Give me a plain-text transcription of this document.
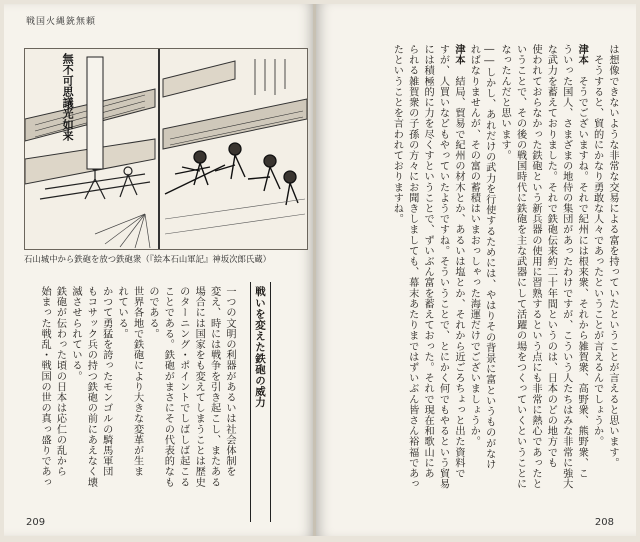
戦国火縄銃無頼
無不可思議光如来
石山城中から鉄砲を放つ鉄砲衆（『絵本石山軍記』神坂次郎氏蔵）
戦いを変えた鉄砲の威力
一つの文明の利器があるいは社会体制を
変え、時には戦争を引き起こし、またある
場合には国家をも変えてしまうことは歴史
のターニング・ポイントでしばしば起こる
ことである。鉄砲がまさにその代表的なも
のである。
世界各地で鉄砲により大きな変革が生ま
れている。
かつて勇猛を誇ったモンゴルの騎馬軍団
もコサック兵の持つ鉄砲の前にあえなく壊
滅させられている。
鉄砲が伝わった頃の日本は応仁の乱から
始まった戦乱・戦国の世の真っ盛りであっ
209
は想像できないような非常な交易による富を持っていたということが言えると思います。
　そうすると、貿的にかなり勇敢な人々であったということが言えるんでしょうか。
津本　そうでございますね。それで紀州には根来衆、それから雑賀衆、高野衆、熊野衆、こ
ういった国人、さまざまの地侍の集団があったわけですが、こういう人たちはみな非常に強大
な武力を蓄えておりました。それで鉄砲伝来約二十年間というのは、日本のどの地方でも
使われておらなかった鉄砲という新兵器の使用に習熟するという点にも非常に熱心であったと
いうことで、その後の戦国時代に鉄砲を主な武器にして活躍の場をつくっていくということに
なったんだと思います。
――しかし、あれだけの武力を行使するためには、やはりその背景に富というものがなけ
ればなりませんが、その富の蓄積はいまおっしゃった海運だけでございましょうか。
津本　結局、貿易で紀州の材木とか、あるいは塩とか、それから近ごろちょっと出た資料で
すが、人買いなどもやっていたようですね。そういうことで、とにかく何でもやるという貿易
には積極的に力を尽くすということで、ずいぶん富を蓄えておった。それで現在和歌山にあ
られる雑賀衆の子孫の方々にお聞きしましても、幕末あたりまではずいぶん皆さん裕福であっ
たということを言われておりますね。
208
